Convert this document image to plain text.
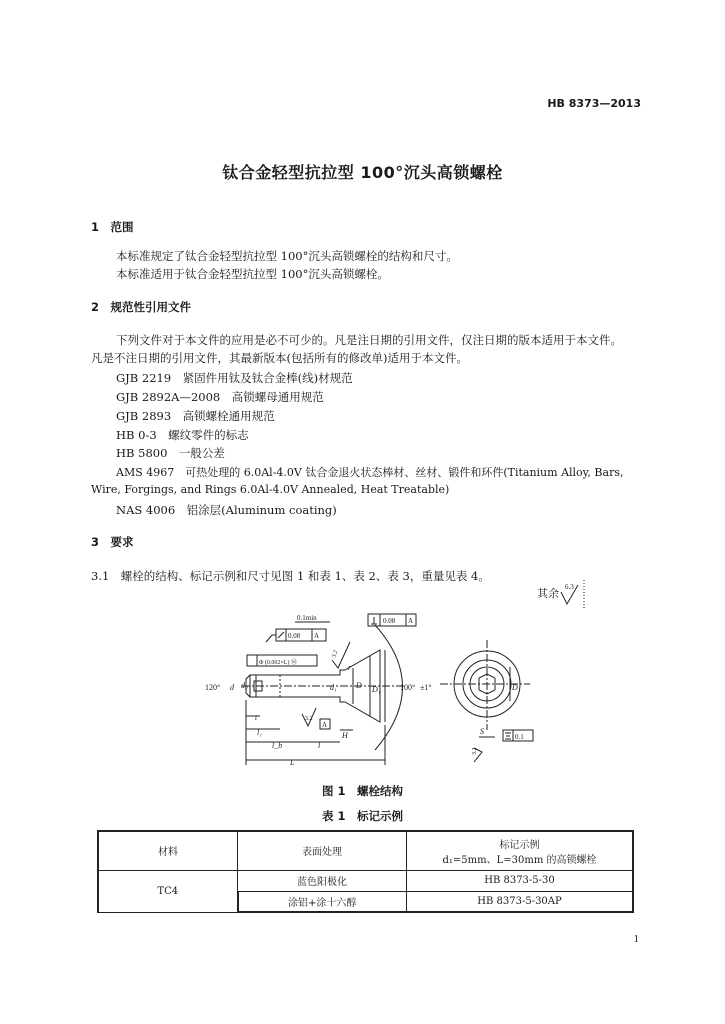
HB 8373—2013
钛合金轻型抗拉型 100°沉头高锁螺栓
1　范围
本标准规定了钛合金轻型抗拉型 100°沉头高锁螺栓的结构和尺寸。
本标准适用于钛合金轻型抗拉型 100°沉头高锁螺栓。
2　规范性引用文件
下列文件对于本文件的应用是必不可少的。凡是注日期的引用文件，仅注日期的版本适用于本文件。
凡是不注日期的引用文件，其最新版本(包括所有的修改单)适用于本文件。
GJB 2219　紧固件用钛及钛合金棒(线)材规范
GJB 2892A—2008　高锁螺母通用规范
GJB 2893　高锁螺栓通用规范
HB 0-3　螺纹零件的标志
HB 5800　一般公差
AMS 4967　可热处理的 6.0Al-4.0V 钛合金退火状态棒材、丝材、锻件和环件(Titanium Alloy, Bars,
Wire, Forgings, and Rings 6.0Al-4.0V Annealed, Heat Treatable)
NAS 4006　铝涂层(Aluminum coating)
3　要求
3.1　螺栓的结构、标记示例和尺寸见图 1 和表 1、表 2、表 3，重量见表 4。
其余
6.3
0.1min	0.08 A
0.08 A
Φ (0.002×L) Ⓜ
3.2
120° d d₂	d₁ D D₁ 100° ±1°
r
3.2
A
H
l
t
l₁
l_b
L
D₁
S
0.1
3.2
图 1　螺栓结构
表 1　标记示例
材料	表面处理	标记示例
d₁=5mm、L=30mm 的高锁螺栓

TC4	蓝色阳极化	HB 8373-5-30
	涂铝+涂十六醇	HB 8373-5-30AP
1
